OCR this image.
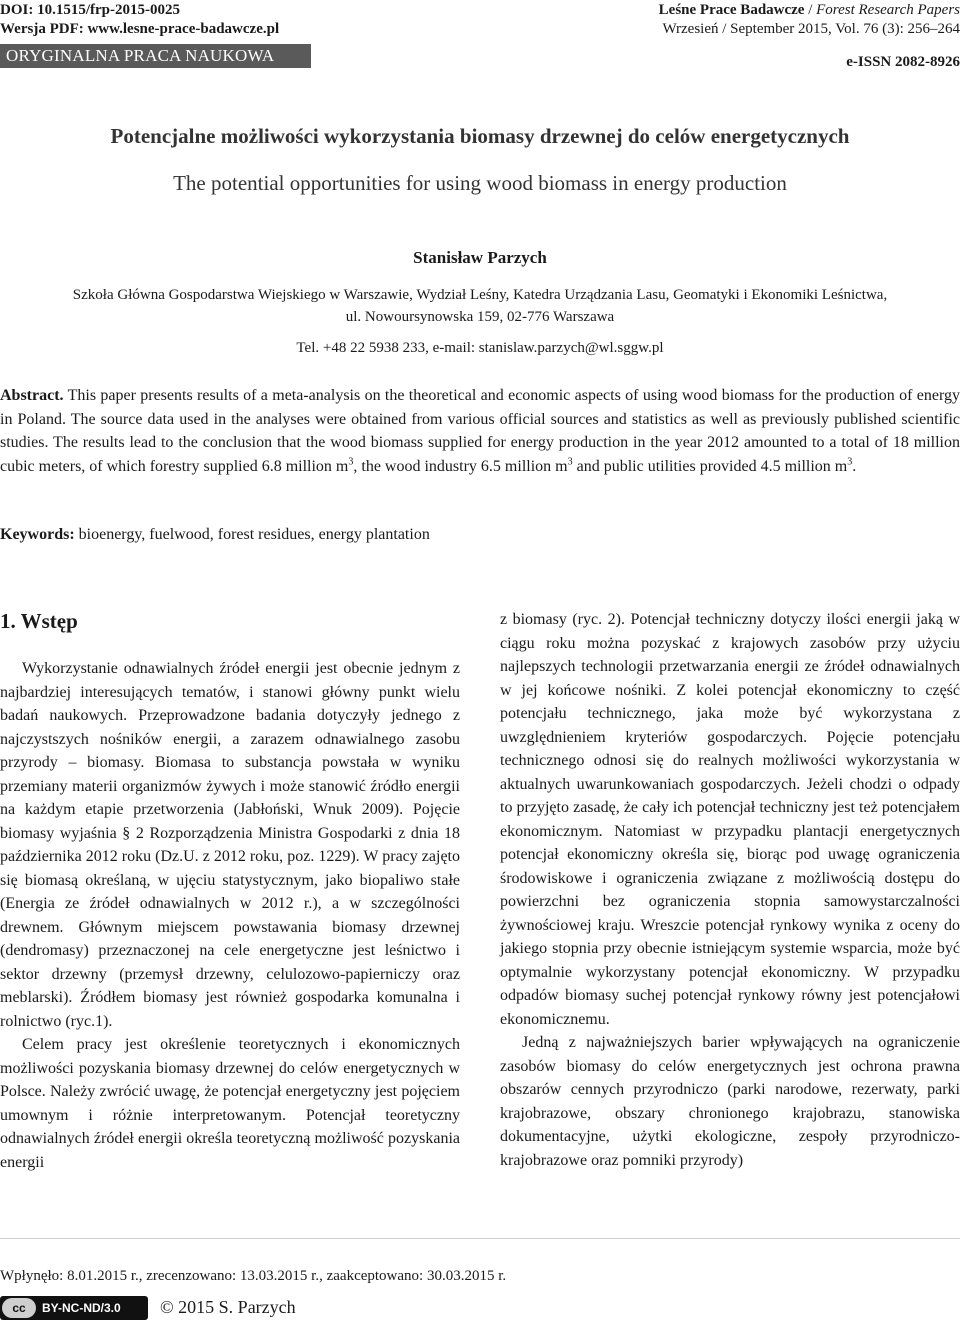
DOI: 10.1515/frp-2015-0025
Wersja PDF: www.lesne-prace-badawcze.pl
Leśne Prace Badawcze / Forest Research Papers
Wrzesień / September 2015, Vol. 76 (3): 256–264
ORYGINALNA PRACA NAUKOWA	e-ISSN 2082-8926
Potencjalne możliwości wykorzystania biomasy drzewnej do celów energetycznych
The potential opportunities for using wood biomass in energy production
Stanisław Parzych
Szkoła Główna Gospodarstwa Wiejskiego w Warszawie, Wydział Leśny, Katedra Urządzania Lasu, Geomatyki i Ekonomiki Leśnictwa,
ul. Nowoursynowska 159, 02-776 Warszawa
Tel. +48 22 5938 233, e-mail: stanislaw.parzych@wl.sggw.pl
Abstract. This paper presents results of a meta-analysis on the theoretical and economic aspects of using wood biomass for the production of energy in Poland. The source data used in the analyses were obtained from various official sources and statistics as well as previously published scientific studies. The results lead to the conclusion that the wood biomass supplied for energy production in the year 2012 amounted to a total of 18 million cubic meters, of which forestry supplied 6.8 million $m^3$, the wood industry 6.5 million $m^3$ and public utilities provided 4.5 million $m^3$.
Keywords: bioenergy, fuelwood, forest residues, energy plantation
1. Wstęp

Wykorzystanie odnawialnych źródeł energii jest obecnie jednym z najbardziej interesujących tematów, i stanowi główny punkt wielu badań naukowych. Przeprowadzone badania dotyczyły jednego z najczystszych nośników energii, a zarazem odnawialnego zasobu przyrody – biomasy. Biomasa to substancja powstała w wyniku przemiany materii organizmów żywych i może stanowić źródło energii na każdym etapie przetworzenia (Jabłoński, Wnuk 2009). Pojęcie biomasy wyjaśnia § 2 Rozporządzenia Ministra Gospodarki z dnia 18 października 2012 roku (Dz.U. z 2012 roku, poz. 1229). W pracy zajęto się biomasą określaną, w ujęciu statystycznym, jako biopaliwo stałe (Energia ze źródeł odnawialnych w 2012 r.), a w szczególności drewnem. Głównym miejscem powstawania biomasy drzewnej (dendromasy) przeznaczonej na cele energetyczne jest leśnictwo i sektor drzewny (przemysł drzewny, celulozowo-papierniczy oraz meblarski). Źródłem biomasy jest również gospodarka komunalna i rolnictwo (ryc.1).

Celem pracy jest określenie teoretycznych i ekonomicznych możliwości pozyskania biomasy drzewnej do celów energetycznych w Polsce. Należy zwrócić uwagę, że potencjał energetyczny jest pojęciem umownym i różnie interpretowanym. Potencjał teoretyczny odnawialnych źródeł energii określa teoretyczną możliwość pozyskania energii

z biomasy (ryc. 2). Potencjał techniczny dotyczy ilości energii jaką w ciągu roku można pozyskać z krajowych zasobów przy użyciu najlepszych technologii przetwarzania energii ze źródeł odnawialnych w jej końcowe nośniki. Z kolei potencjał ekonomiczny to część potencjału technicznego, jaka może być wykorzystana z uwzględnieniem kryteriów gospodarczych. Pojęcie potencjału technicznego odnosi się do realnych możliwości wykorzystania w aktualnych uwarunkowaniach gospodarczych. Jeżeli chodzi o odpady to przyjęto zasadę, że cały ich potencjał techniczny jest też potencjałem ekonomicznym. Natomiast w przypadku plantacji energetycznych potencjał ekonomiczny określa się, biorąc pod uwagę ograniczenia środowiskowe i ograniczenia związane z możliwością dostępu do powierzchni bez ograniczenia stopnia samowystarczalności żywnościowej kraju. Wreszcie potencjał rynkowy wynika z oceny do jakiego stopnia przy obecnie istniejącym systemie wsparcia, może być optymalnie wykorzystany potencjał ekonomiczny. W przypadku odpadów biomasy suchej potencjał rynkowy równy jest potencjałowi ekonomicznemu.

Jedną z najważniejszych barier wpływających na ograniczenie zasobów biomasy do celów energetycznych jest ochrona prawna obszarów cennych przyrodniczo (parki narodowe, rezerwaty, parki krajobrazowe, obszary chronionego krajobrazu, stanowiska dokumentacyjne, użytki ekologiczne, zespoły przyrodniczo-krajobrazowe oraz pomniki przyrody)

Wpłynęło: 8.01.2015 r., zrecenzowano: 13.03.2015 r., zaakceptowano: 30.03.2015 r.
cc	BY-NC-ND/3.0 © 2015 S. Parzych
